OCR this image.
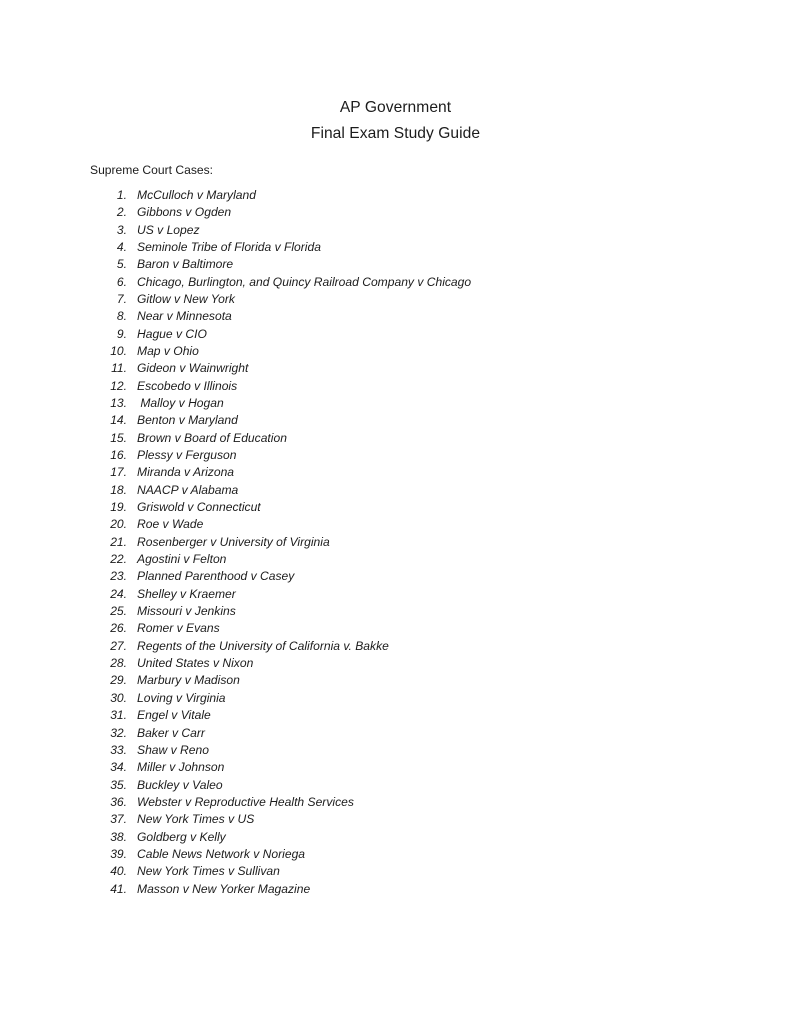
AP Government
Final Exam Study Guide

Supreme Court Cases:

1. McCulloch v Maryland
2. Gibbons v Ogden
3. US v Lopez
4. Seminole Tribe of Florida v Florida
5. Baron v Baltimore
6. Chicago, Burlington, and Quincy Railroad Company v Chicago
7. Gitlow v New York
8. Near v Minnesota
9. Hague v CIO
10. Map v Ohio
11. Gideon v Wainwright
12. Escobedo v Illinois
13. Malloy v Hogan
14. Benton v Maryland
15. Brown v Board of Education
16. Plessy v Ferguson
17. Miranda v Arizona
18. NAACP v Alabama
19. Griswold v Connecticut
20. Roe v Wade
21. Rosenberger v University of Virginia
22. Agostini v Felton
23. Planned Parenthood v Casey
24. Shelley v Kraemer
25. Missouri v Jenkins
26. Romer v Evans
27. Regents of the University of California v. Bakke
28. United States v Nixon
29. Marbury v Madison
30. Loving v Virginia
31. Engel v Vitale
32. Baker v Carr
33. Shaw v Reno
34. Miller v Johnson
35. Buckley v Valeo
36. Webster v Reproductive Health Services
37. New York Times v US
38. Goldberg v Kelly
39. Cable News Network v Noriega
40. New York Times v Sullivan
41. Masson v New Yorker Magazine
